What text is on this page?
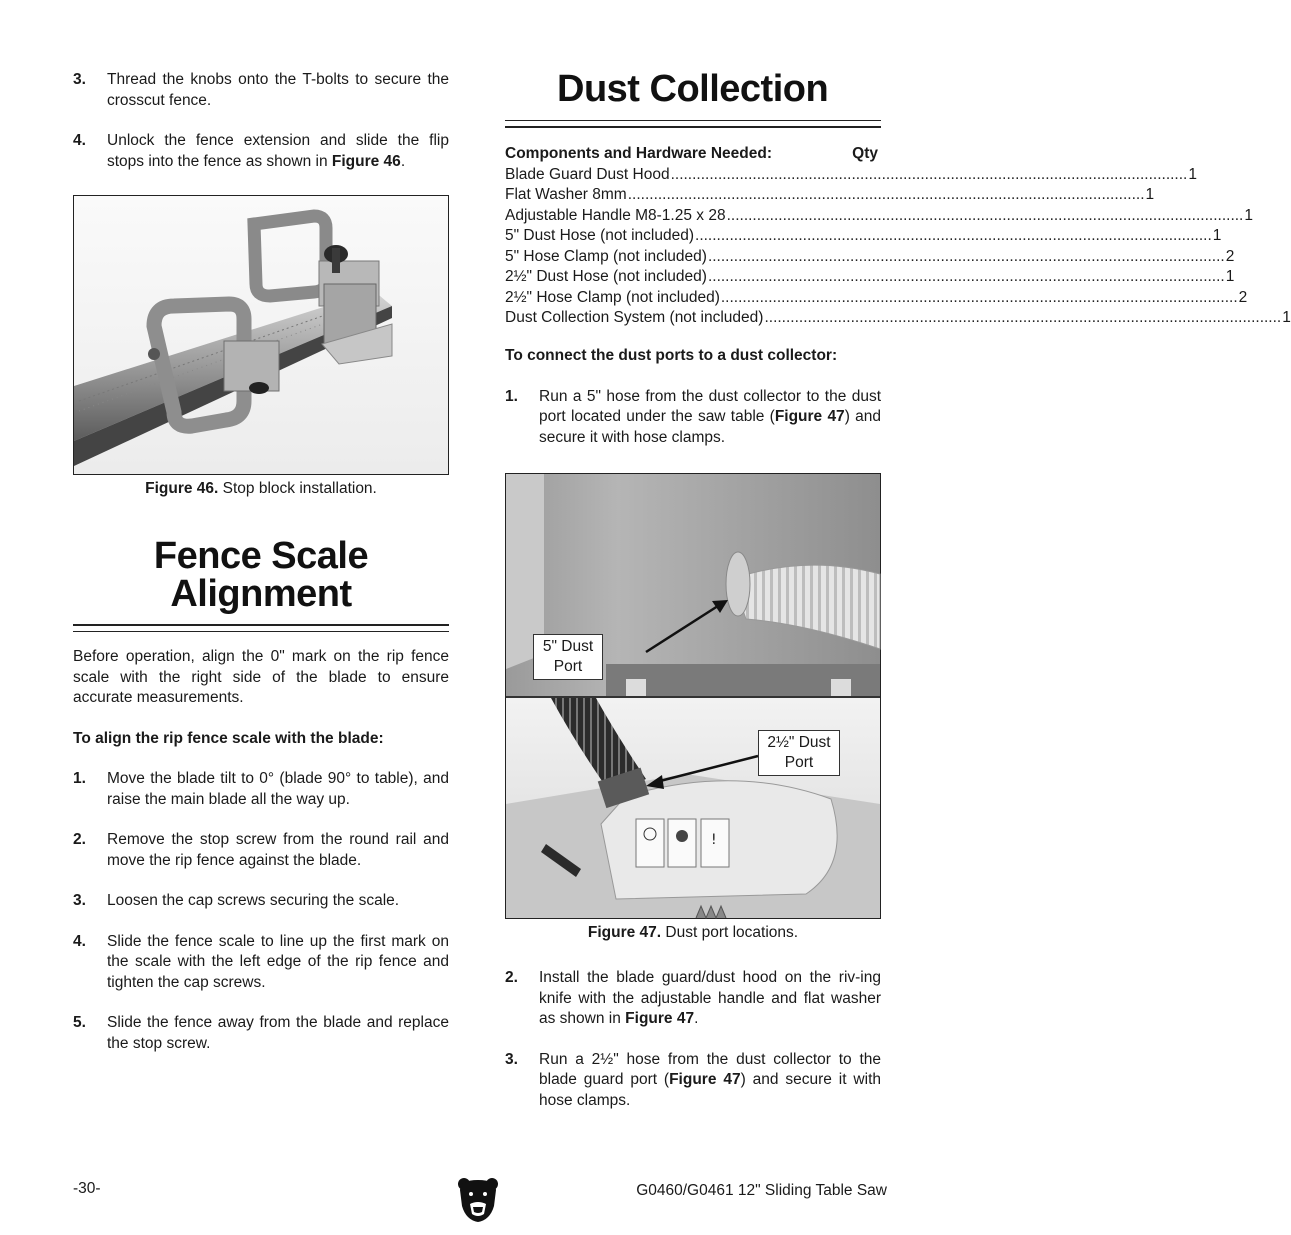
3.	Thread the knobs onto the T-bolts to secure the crosscut fence.
4.	Unlock the fence extension and slide the flip stops into the fence as shown in Figure 46.
Figure 46. Stop block installation.
Fence Scale
Alignment
Before operation, align the 0" mark on the rip fence scale with the right side of the blade to ensure accurate measurements.
To align the rip fence scale with the blade:
1.	Move the blade tilt to 0° (blade 90° to table), and raise the main blade all the way up.
2.	Remove the stop screw from the round rail and move the rip fence against the blade.
3.	Loosen the cap screws securing the scale.
4.	Slide the fence scale to line up the first mark on the scale with the left edge of the rip fence and tighten the cap screws.
5.	Slide the fence away from the blade and replace the stop screw.
Dust Collection
Components and Hardware Needed:	Qty
Blade Guard Dust Hood ........................................................................................................................ 1
Flat Washer 8mm ........................................................................................................................ 1
Adjustable Handle M8-1.25 x 28 ........................................................................................................................ 1
5" Dust Hose (not included) ........................................................................................................................ 1
5" Hose Clamp (not included) ........................................................................................................................ 2
2½" Dust Hose (not included) ........................................................................................................................ 1
2½" Hose Clamp (not included) ........................................................................................................................ 2
Dust Collection System (not included) ........................................................................................................................ 1
To connect the dust ports to a dust collector:
1.	Run a 5" hose from the dust collector to the dust port located under the saw table (Figure 47) and secure it with hose clamps.
!
5" Dust
Port
2½" Dust
Port
Figure 47. Dust port locations.
2.	Install the blade guard/dust hood on the riv-ing knife with the adjustable handle and flat washer as shown in Figure 47.
3.	Run a 2½" hose from the dust collector to the blade guard port (Figure 47) and secure it with hose clamps.
-30-	G0460/G0461 12" Sliding Table Saw
